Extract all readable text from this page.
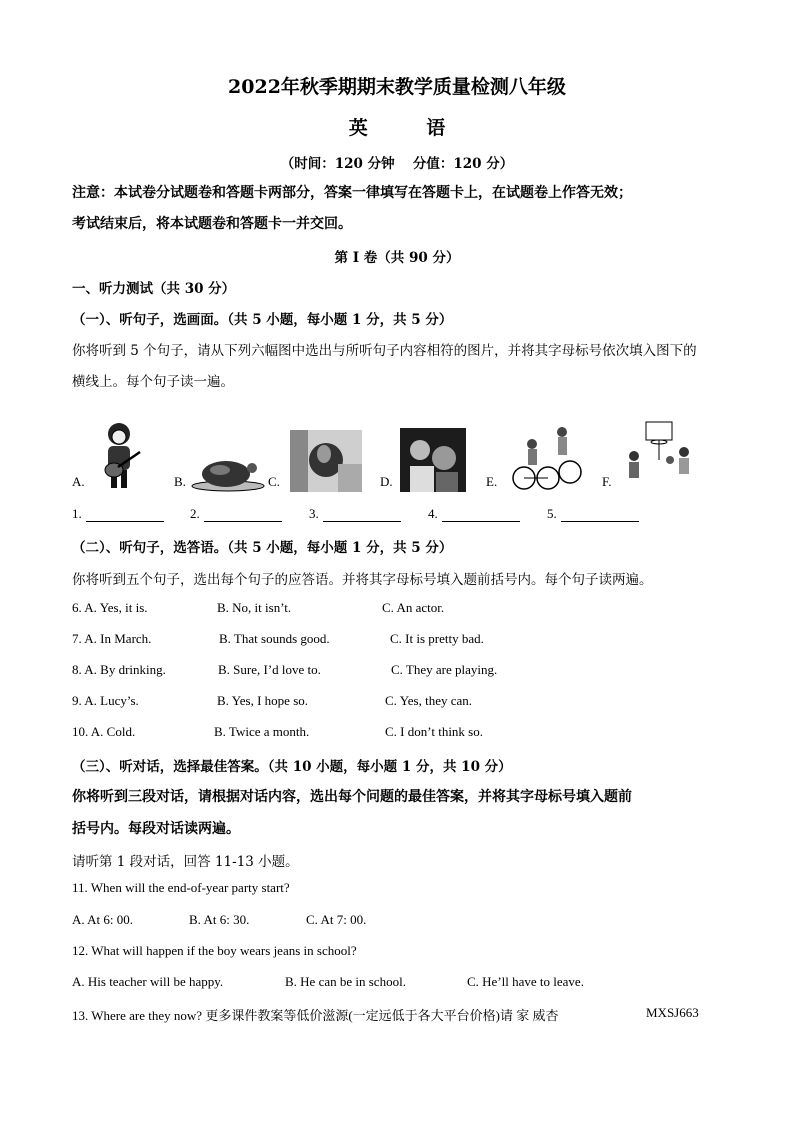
2022年秋季期期末教学质量检测八年级
英 语
（时间：120 分钟 　分值：120 分）
注意：本试卷分试题卷和答题卡两部分，答案一律填写在答题卡上，在试题卷上作答无效；
考试结束后，将本试题卷和答题卡一并交回。
第 I 卷（共 90 分）
一、听力测试（共 30 分）
（一）、听句子，选画面。（共 5 小题，每小题 1 分，共 5 分）
你将听到 5 个句子，请从下列六幅图中选出与所听句子内容相符的图片，并将其字母标号依次填入图下的
横线上。每个句子读一遍。
A.	B.	C.	D.	E.	F.
1.	2.	3.	4.	5.
（二）、听句子，选答语。（共 5 小题，每小题 1 分，共 5 分）
你将听到五个句子，选出每个句子的应答语。并将其字母标号填入题前括号内。每个句子读两遍。
6. A. Yes, it is.	B. No, it isn’t.	C. An actor.
7. A. In March.	B. That sounds good.	C. It is pretty bad.
8. A. By drinking.	B. Sure, I’d love to.	C. They are playing.
9. A. Lucy’s.	B. Yes, I hope so.	C. Yes, they can.
10. A. Cold.	B. Twice a month.	C. I don’t think so.
（三）、听对话，选择最佳答案。（共 10 小题，每小题 1 分，共 10 分）
你将听到三段对话，请根据对话内容，选出每个问题的最佳答案，并将其字母标号填入题前
括号内。每段对话读两遍。
请听第 1 段对话，回答 11-13 小题。
11. When will the end-of-year party start?
A. At 6: 00.	B. At 6: 30.	C. At 7: 00.
12. What will happen if the boy wears jeans in school?
A. His teacher will be happy.	B. He can be in school.	C. He’ll have to leave.
13. Where are they now? 更多课件教案等低价滋源(一定远低于各大平台价格)请 家 威杏	MXSJ663
